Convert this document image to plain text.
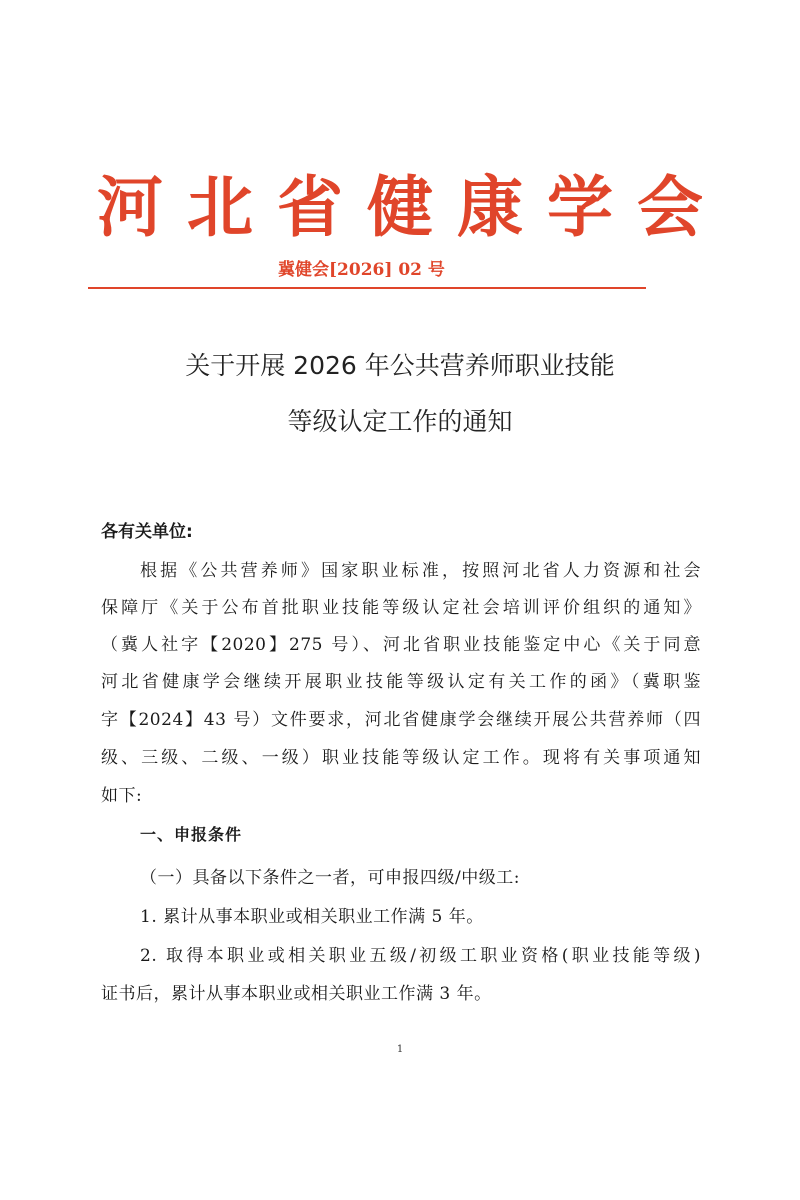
河北省健康学会
冀健会[2026] 02 号
关于开展 2026 年公共营养师职业技能
等级认定工作的通知
各有关单位:
根据《公共营养师》国家职业标准，按照河北省人力资源和社会
保障厅《关于公布首批职业技能等级认定社会培训评价组织的通知》
（冀人社字【2020】275 号）、河北省职业技能鉴定中心《关于同意
河北省健康学会继续开展职业技能等级认定有关工作的函》（冀职鉴
字【2024】43 号）文件要求，河北省健康学会继续开展公共营养师（四
级、三级、二级、一级）职业技能等级认定工作。现将有关事项通知
如下:
一、申报条件
（一）具备以下条件之一者，可申报四级/中级工:
1. 累计从事本职业或相关职业工作满 5 年。
2. 取得本职业或相关职业五级/初级工职业资格(职业技能等级)
证书后，累计从事本职业或相关职业工作满 3 年。
1
